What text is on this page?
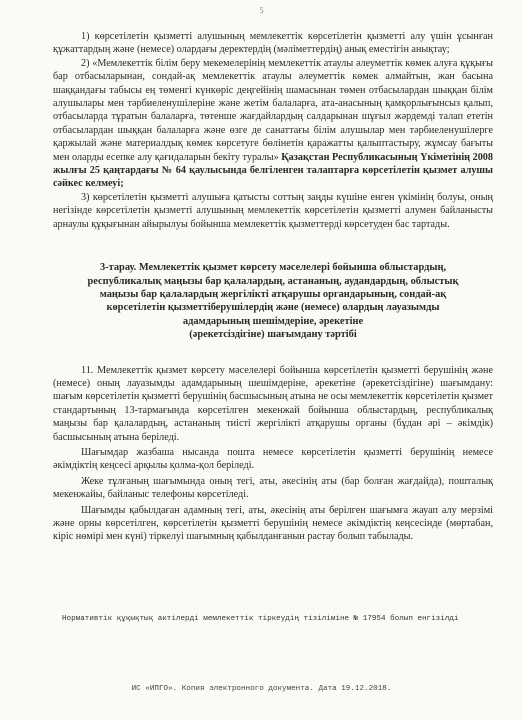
5

1) көрсетілетін қызметті алушының мемлекеттік көрсетілетін қызметті алу үшін ұсынған құжаттардың және (немесе) олардағы деректердің (мәліметтердің) анық еместігін анықтау;

2) «Мемлекеттік білім беру мекемелерінің мемлекеттік атаулы әлеуметтік көмек алуға құқығы бар отбасыларынан, сондай-ақ мемлекеттік атаулы әлеуметтік көмек алмайтын, жан басына шаққандағы табысы ең төменгі күнкөріс деңгейінің шамасынан төмен отбасылардан шыққан білім алушылары мен тәрбиеленушілеріне және жетім балаларға, ата-анасының қамқорлығынсыз қалып, отбасыларда тұратын балаларға, төтенше жағдайлардың салдарынан шұғыл жәрдемді талап ететін отбасылардан шыққан балаларға және өзге де санаттағы білім алушылар мен тәрбиеленушілерге қаржылай және материалдық көмек көрсетуге бөлінетін қаражатты қалыптастыру, жұмсау бағыты мен оларды есепке алу қағидаларын бекіту туралы» Қазақстан Республикасының Үкіметінің 2008 жылғы 25 қаңтардағы № 64 қаулысында белгіленген талаптарға көрсетілетін қызмет алушы сәйкес келмеуі;

3) көрсетілетін қызметті алушыға қатысты соттың заңды күшіне енген үкімінің болуы, оның негізінде көрсетілетін қызметті алушының мемлекеттік көрсетілетін қызметті алумен байланысты арнаулы құқығынан айырылуы бойынша мемлекеттік қызметтерді көрсетуден бас тартады.

3-тарау. Мемлекеттік қызмет көрсету мәселелері бойынша облыстардың,
республикалық маңызы бар қалалардың, астананың, аудандардың, облыстық
маңызы бар қалалардың жергілікті атқарушы органдарының, сондай-ақ
көрсетілетін қызметтіберушілердің және (немесе) олардың лауазымды
адамдарының шешімдеріне, әрекетіне
(әрекетсіздігіне) шағымдану тәртібі

11. Мемлекеттік қызмет көрсету мәселелері бойынша көрсетілетін қызметті берушінің және (немесе) оның лауазымды адамдарының шешімдеріне, әрекетіне (әрекетсіздігіне) шағымдану: шағым көрсетілетін қызметті берушінің басшысының атына не осы мемлекеттік көрсетілетін қызмет стандартының 13-тармағында көрсетілген мекенжай бойынша облыстардың, республикалық маңызы бар қалалардың, астананың тиісті жергілікті атқарушы органы (бұдан әрі – әкімдік) басшысының атына беріледі.

Шағымдар жазбаша нысанда пошта немесе көрсетілетін қызметті берушінің немесе әкімдіктің кеңсесі арқылы қолма-қол беріледі.

Жеке тұлғаның шағымында оның тегі, аты, әкесінің аты (бар болған жағдайда), пошталық мекенжайы, байланыс телефоны көрсетіледі.

Шағымды қабылдаған адамның тегі, аты, әкесінің аты берілген шағымға жауап алу мерзімі және орны көрсетілген, көрсетілетін қызметті берушінің немесе әкімдіктің кеңсесінде (мөртабан, кіріс нөмірі мен күні) тіркелуі шағымның қабылданғанын растау болып табылады.

Нормативтік құқықтық актілерді мемлекеттік тіркеудің тізіліміне № 17954 болып енгізілді
ИС «ИПГО». Копия электронного документа. Дата 19.12.2018.
